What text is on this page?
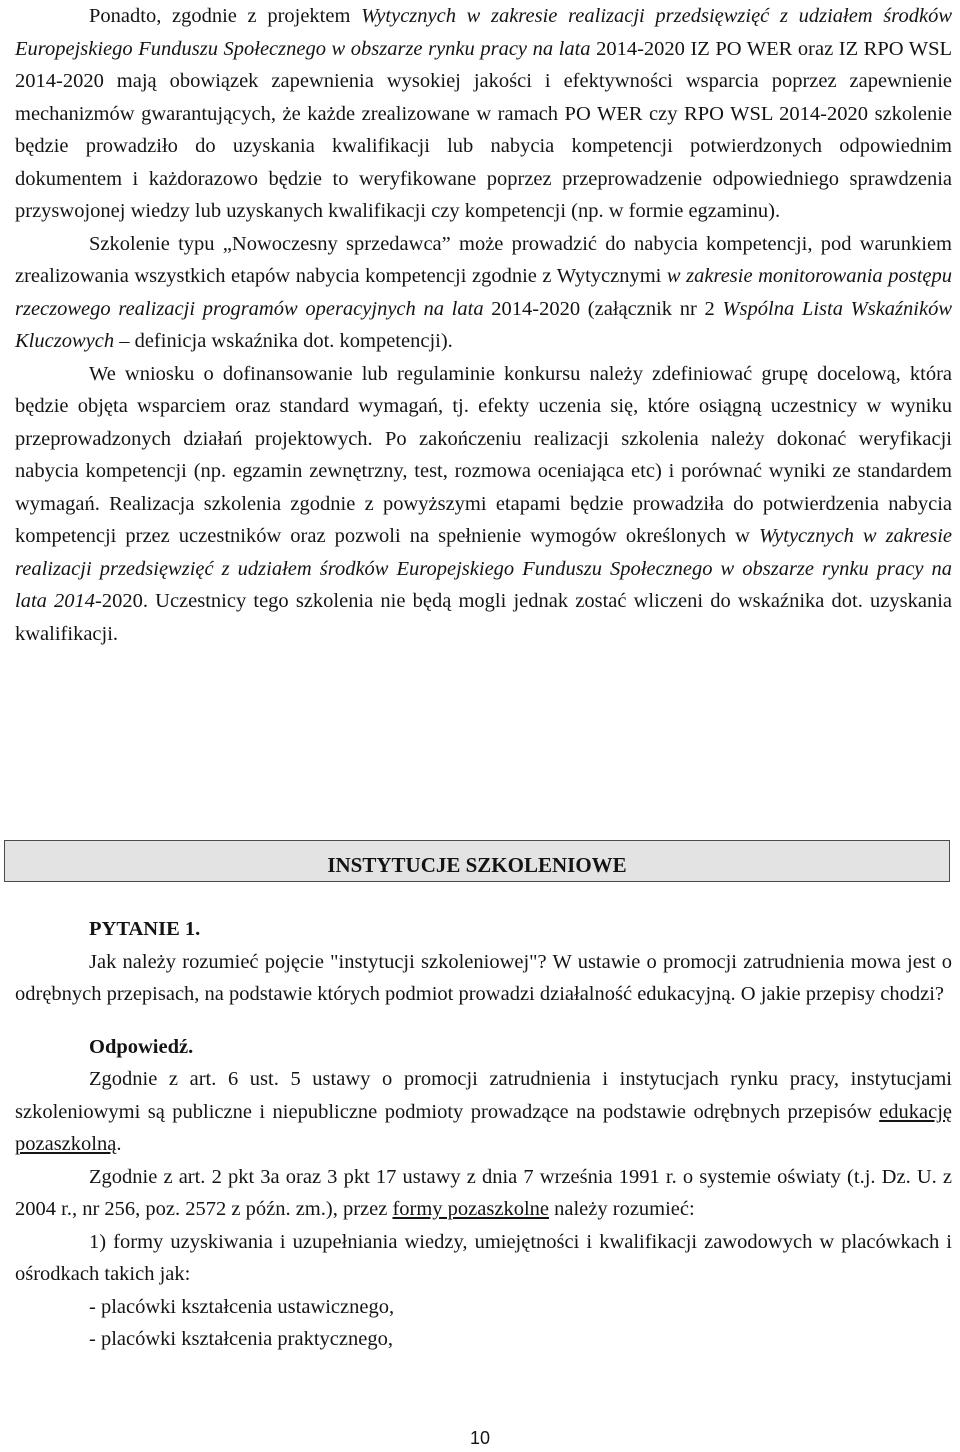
Ponadto, zgodnie z projektem Wytycznych w zakresie realizacji przedsięwzięć z udziałem środków Europejskiego Funduszu Społecznego w obszarze rynku pracy na lata 2014-2020 IZ PO WER oraz IZ RPO WSL 2014-2020 mają obowiązek zapewnienia wysokiej jakości i efektywności wsparcia poprzez zapewnienie mechanizmów gwarantujących, że każde zrealizowane w ramach PO WER czy RPO WSL 2014-2020 szkolenie będzie prowadziło do uzyskania kwalifikacji lub nabycia kompetencji potwierdzonych odpowiednim dokumentem i każdorazowo będzie to weryfikowane poprzez przeprowadzenie odpowiedniego sprawdzenia przyswojonej wiedzy lub uzyskanych kwalifikacji czy kompetencji (np. w formie egzaminu).

Szkolenie typu „Nowoczesny sprzedawca” może prowadzić do nabycia kompetencji, pod warunkiem zrealizowania wszystkich etapów nabycia kompetencji zgodnie z Wytycznymi w zakresie monitorowania postępu rzeczowego realizacji programów operacyjnych na lata 2014-2020 (załącznik nr 2 Wspólna Lista Wskaźników Kluczowych – definicja wskaźnika dot. kompetencji).

We wniosku o dofinansowanie lub regulaminie konkursu należy zdefiniować grupę docelową, która będzie objęta wsparciem oraz standard wymagań, tj. efekty uczenia się, które osiągną uczestnicy w wyniku przeprowadzonych działań projektowych. Po zakończeniu realizacji szkolenia należy dokonać weryfikacji nabycia kompetencji (np. egzamin zewnętrzny, test, rozmowa oceniająca etc) i porównać wyniki ze standardem wymagań. Realizacja szkolenia zgodnie z powyższymi etapami będzie prowadziła do potwierdzenia nabycia kompetencji przez uczestników oraz pozwoli na spełnienie wymogów określonych w Wytycznych w zakresie realizacji przedsięwzięć z udziałem środków Europejskiego Funduszu Społecznego w obszarze rynku pracy na lata 2014-2020. Uczestnicy tego szkolenia nie będą mogli jednak zostać wliczeni do wskaźnika dot. uzyskania kwalifikacji.

INSTYTUCJE SZKOLENIOWE

PYTANIE 1.

Jak należy rozumieć pojęcie "instytucji szkoleniowej"? W ustawie o promocji zatrudnienia mowa jest o odrębnych przepisach, na podstawie których podmiot prowadzi działalność edukacyjną. O jakie przepisy chodzi?

Odpowiedź.

Zgodnie z art. 6 ust. 5 ustawy o promocji zatrudnienia i instytucjach rynku pracy, instytucjami szkoleniowymi są publiczne i niepubliczne podmioty prowadzące na podstawie odrębnych przepisów edukację pozaszkolną.

Zgodnie z art. 2 pkt 3a oraz 3 pkt 17 ustawy z dnia 7 września 1991 r. o systemie oświaty (t.j. Dz. U. z 2004 r., nr 256, poz. 2572 z późn. zm.), przez formy pozaszkolne należy rozumieć:

1) formy uzyskiwania i uzupełniania wiedzy, umiejętności i kwalifikacji zawodowych w placówkach i ośrodkach takich jak:

- placówki kształcenia ustawicznego,

- placówki kształcenia praktycznego,

10
